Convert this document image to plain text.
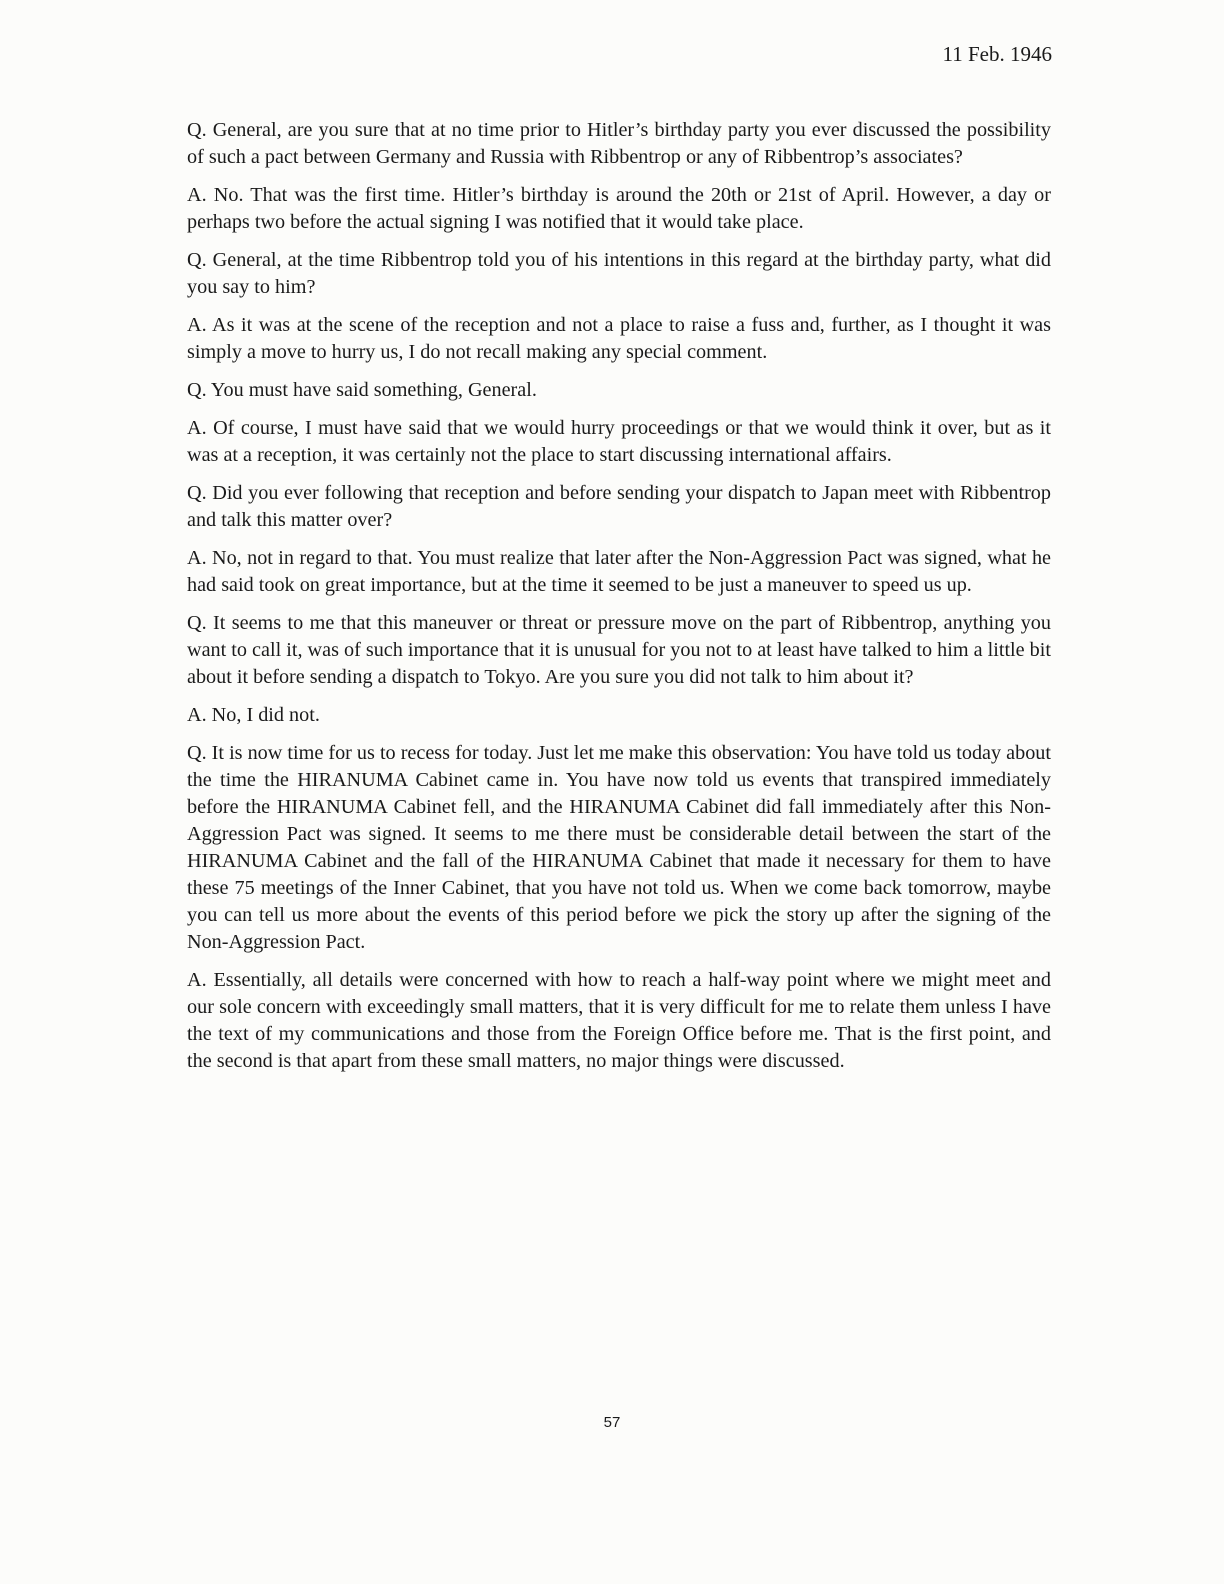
11 Feb. 1946

Q. General, are you sure that at no time prior to Hitler’s birthday party you ever discussed the possibility of such a pact between Germany and Russia with Ribbentrop or any of Ribbentrop’s associates?

A. No. That was the first time. Hitler’s birthday is around the 20th or 21st of April. However, a day or perhaps two before the actual signing I was notified that it would take place.

Q. General, at the time Ribbentrop told you of his intentions in this regard at the birthday party, what did you say to him?

A. As it was at the scene of the reception and not a place to raise a fuss and, further, as I thought it was simply a move to hurry us, I do not recall making any special comment.

Q. You must have said something, General.

A. Of course, I must have said that we would hurry proceedings or that we would think it over, but as it was at a reception, it was certainly not the place to start discussing international affairs.

Q. Did you ever following that reception and before sending your dispatch to Japan meet with Ribbentrop and talk this matter over?

A. No, not in regard to that. You must realize that later after the Non-Aggression Pact was signed, what he had said took on great importance, but at the time it seemed to be just a maneuver to speed us up.

Q. It seems to me that this maneuver or threat or pressure move on the part of Ribbentrop, anything you want to call it, was of such importance that it is unusual for you not to at least have talked to him a little bit about it before sending a dispatch to Tokyo. Are you sure you did not talk to him about it?

A. No, I did not.

Q. It is now time for us to recess for today. Just let me make this observation: You have told us today about the time the HIRANUMA Cabinet came in. You have now told us events that transpired immediately before the HIRANUMA Cabinet fell, and the HIRANUMA Cabinet did fall immediately after this Non-Aggression Pact was signed. It seems to me there must be considerable detail between the start of the HIRANUMA Cabinet and the fall of the HIRANUMA Cabinet that made it necessary for them to have these 75 meetings of the Inner Cabinet, that you have not told us. When we come back tomorrow, maybe you can tell us more about the events of this period before we pick the story up after the signing of the Non-Aggression Pact.

A. Essentially, all details were concerned with how to reach a half-way point where we might meet and our sole concern with exceedingly small matters, that it is very difficult for me to relate them unless I have the text of my communications and those from the Foreign Office before me. That is the first point, and the second is that apart from these small matters, no major things were discussed.

57
